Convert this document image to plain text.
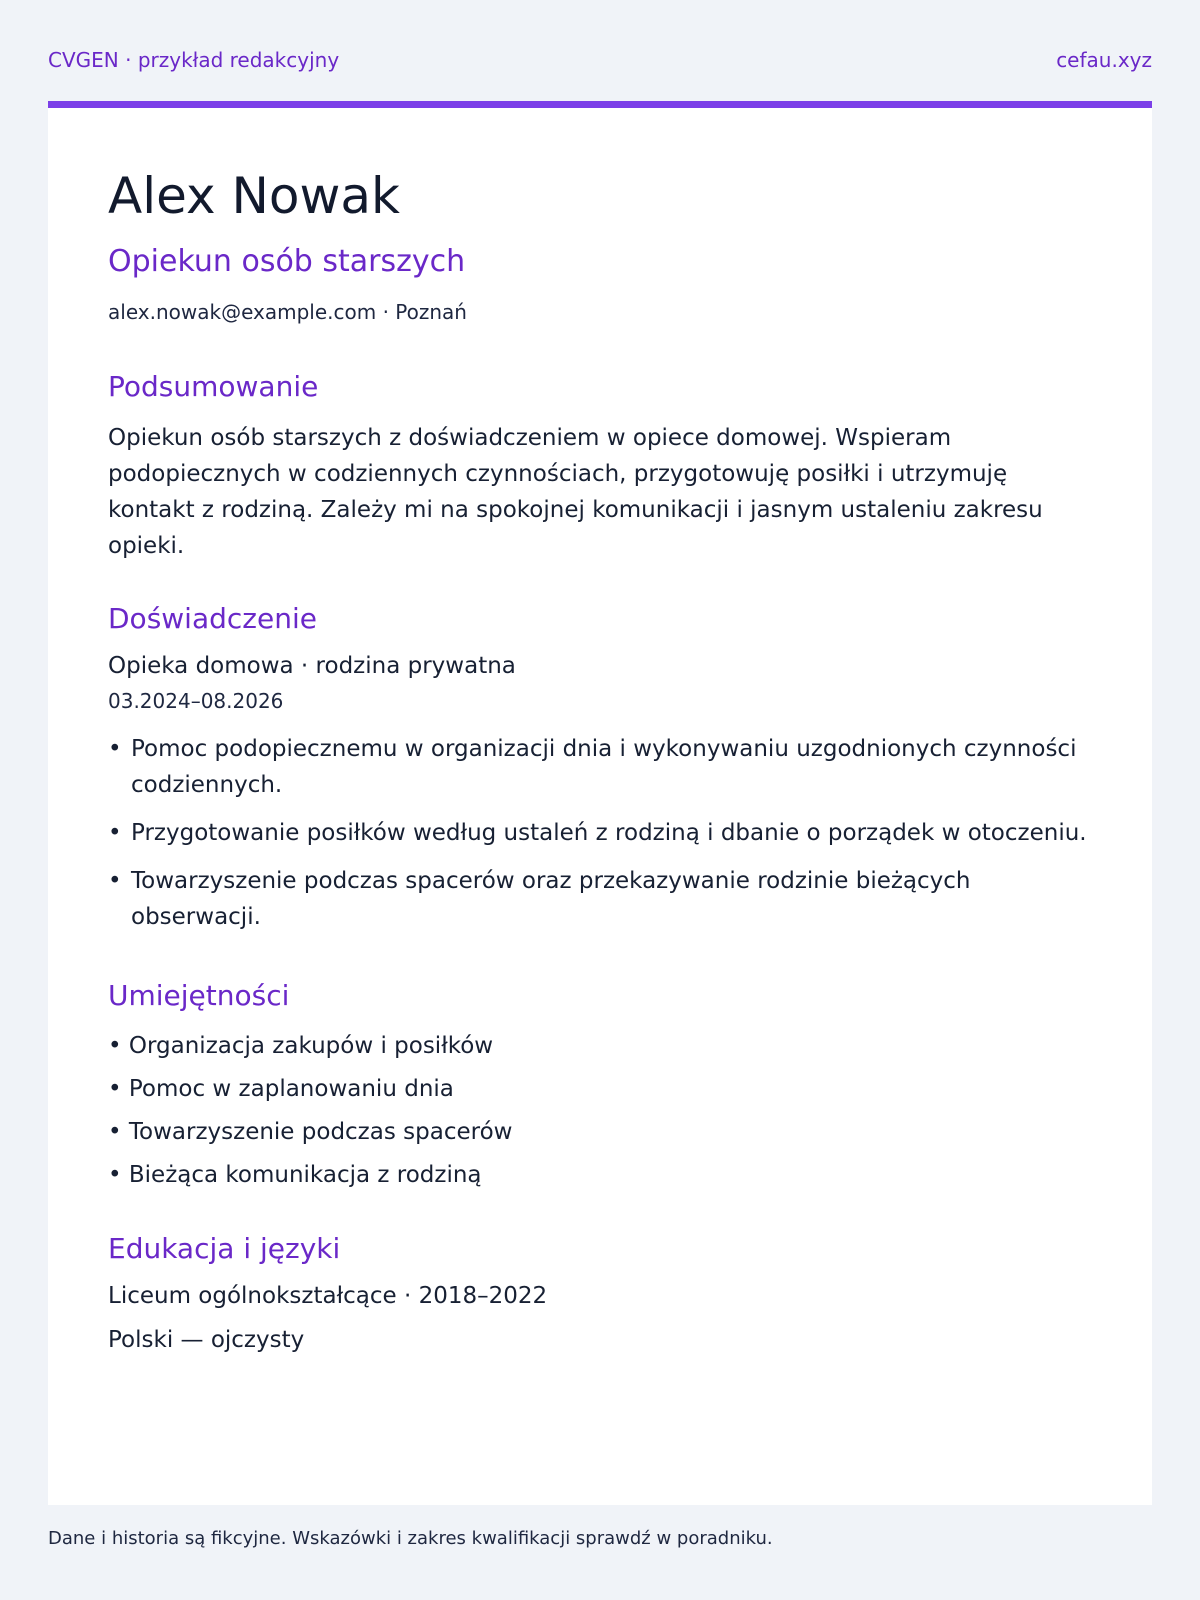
CVGEN · przykład redakcyjny	cefau.xyz
Alex Nowak
Opiekun osób starszych
alex.nowak@example.com · Poznań
Podsumowanie

Opiekun osób starszych z doświadczeniem w opiece domowej. Wspieram podopiecznych w codziennych czynnościach, przygotowuję posiłki i utrzymuję kontakt z rodziną. Zależy mi na spokojnej komunikacji i jasnym ustaleniu zakresu opieki.

Doświadczenie
Opieka domowa · rodzina prywatna
03.2024–08.2026
• Pomoc podopiecznemu w organizacji dnia i wykonywaniu uzgodnionych czynności codziennych.
• Przygotowanie posiłków według ustaleń z rodziną i dbanie o porządek w otoczeniu.
• Towarzyszenie podczas spacerów oraz przekazywanie rodzinie bieżących obserwacji.
Umiejętności
• Organizacja zakupów i posiłków
• Pomoc w zaplanowaniu dnia
• Towarzyszenie podczas spacerów
• Bieżąca komunikacja z rodziną
Edukacja i języki
Liceum ogólnokształcące · 2018–2022
Polski — ojczysty
Dane i historia są fikcyjne. Wskazówki i zakres kwalifikacji sprawdź w poradniku.
